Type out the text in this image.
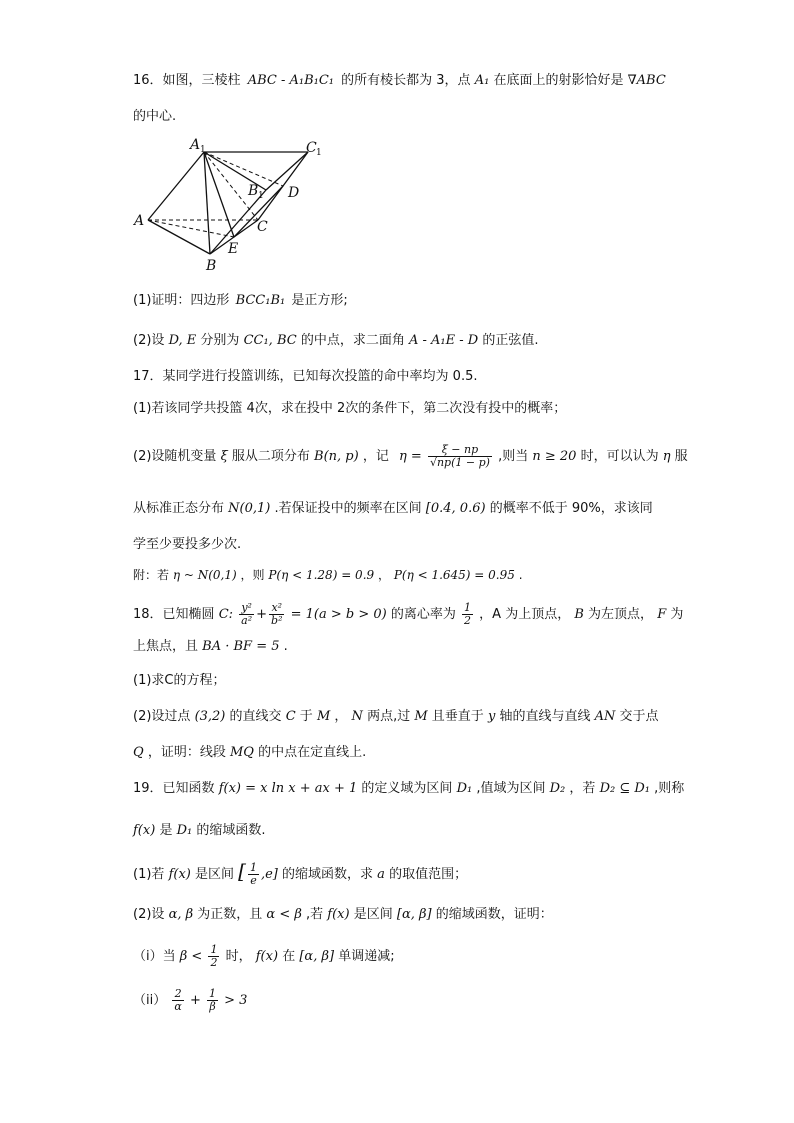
16．如图，三棱柱 ABC - A₁B₁C₁ 的所有棱长都为 3，点 A₁ 在底面上的射影恰好是 ∇ABC
的中心.
A 1	C 1
B 1 D
A	C
E
B
(1)证明：四边形 BCC₁B₁ 是正方形;
(2)设 D, E 分别为 CC₁, BC 的中点，求二面角 A - A₁E - D 的正弦值.
17．某同学进行投篮训练，已知每次投篮的命中率均为 0.5.
(1)若该同学共投篮 4次，求在投中 2次的条件下，第二次没有投中的概率；
(2)设随机变量 ξ 服从二项分布 B(n, p) ，记 $\eta = \frac{\xi - np}{√np(1 - p)}$ ,则当 n ≥ 20 时，可以认为 η 服
从标准正态分布 N(0,1) .若保证投中的频率在区间 [0.4, 0.6) 的概率不低于 90%，求该同
学至少要投多少次.
附：若 η ~ N(0,1) ，则 P(η < 1.28) = 0.9 ， P(η < 1.645) = 0.95 .
18．已知椭圆 C: $\frac{\text{y²}}{\text{a²}} + \frac{\text{x²}}{\text{b²}} = 1(a > b > 0)$ 的离心率为 $\frac{1}{2}$ ，A 为上顶点， B 为左顶点， F 为
上焦点，且 BA · BF = 5 .
(1)求C的方程；
(2)设过点 (3,2) 的直线交 C 于 M ， N 两点,过 M 且垂直于 y 轴的直线与直线 AN 交于点
Q ，证明：线段 MQ 的中点在定直线上.
19．已知函数 f(x) = x ln x + ax + 1 的定义域为区间 D₁ ,值域为区间 D₂ ，若 D₂ ⊆ D₁ ,则称
f(x) 是 D₁ 的缩域函数.
(1)若 f(x) 是区间 [ $\frac{1}{e} ,e$] 的缩域函数，求 a 的取值范围；
(2)设 α, β 为正数，且 α < β ,若 f(x) 是区间 [α, β] 的缩域函数，证明：
（i）当 $\beta < \frac{1}{2}$ 时， f(x) 在 [α, β] 单调递减;
$(ii) \frac{2}{\alpha} + \frac{1}{\beta} > 3$
